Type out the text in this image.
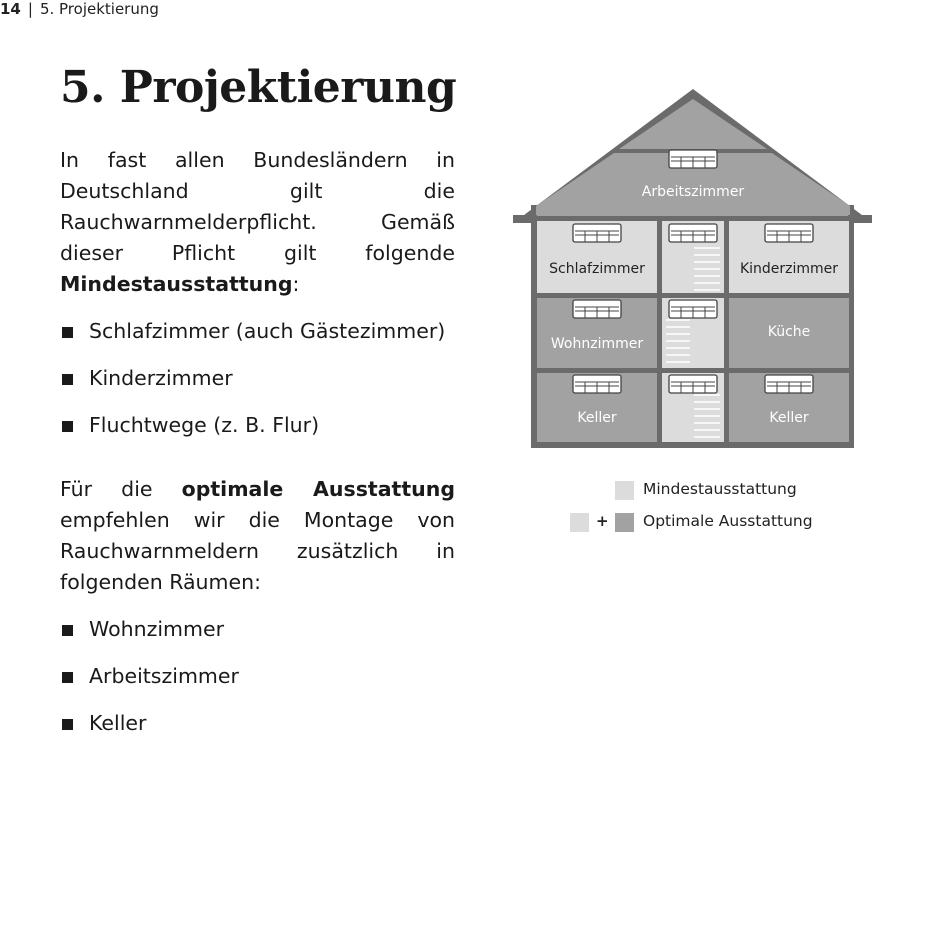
14 | 5. Projektierung
5. Projektierung

In fast allen Bundesländern in Deutschland gilt die Rauchwarnmelderpflicht. Gemäß dieser Pflicht gilt folgende Mindestausstattung:

Schlafzimmer (auch Gästezimmer)
Kinderzimmer
Fluchtwege (z. B. Flur)

Für die optimale Ausstattung empfehlen wir die Montage von Rauchwarnmeldern zusätzlich in folgenden Räumen:

Wohnzimmer
Arbeitszimmer
Keller
Arbeitszimmer
Schlafzimmer	Kinderzimmer
Wohnzimmer
Küche
Keller	Keller
Mindestausstattung
+ Optimale Ausstattung
